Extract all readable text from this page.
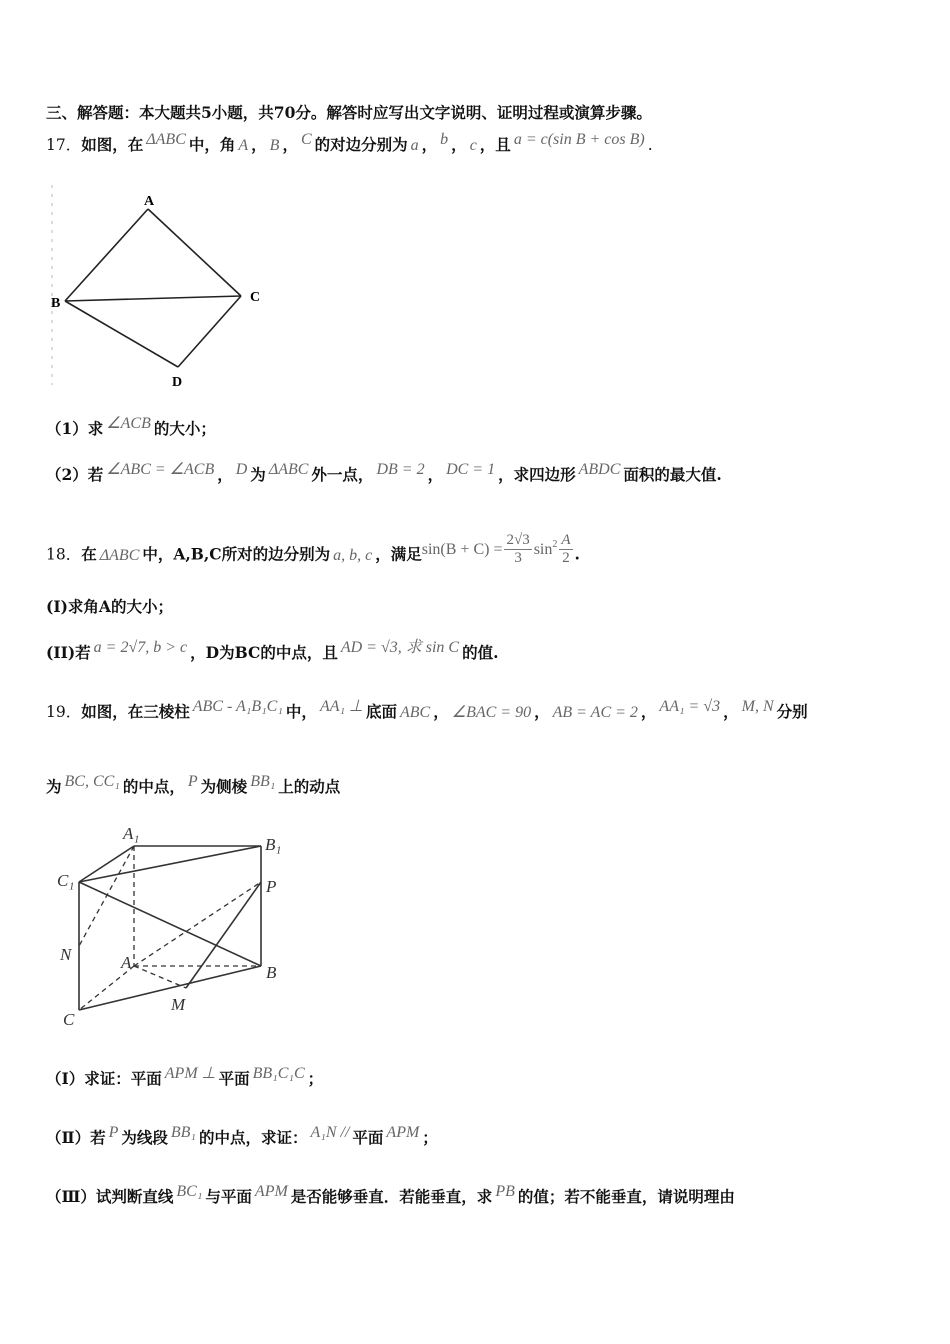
三、解答题：本大题共5小题，共70分。解答时应写出文字说明、证明过程或演算步骤。
17．如图，在 ΔABC 中，角 A ， B ， C 的对边分别为 a ， b ， c ，且 a = c(sin B + cos B) .
A
B	C
D
（1）求 ∠ACB 的大小；
（2）若 ∠ABC = ∠ACB ， D 为 ΔABC 外一点， DB = 2 ， DC = 1 ，求四边形 ABDC 面积的最大值.
18．在 ΔABC 中，A,B,C所对的边分别为 a, b, c ，满足$\sin(B + C) = \frac{2√3}{3} \sin^2 \frac{A}{2}$ .
(I)求角A的大小；
(II)若 a = 2√7, b > c ，D为BC的中点，且 AD = √3, 求 sin C 的值.
19．如图，在三棱柱 ABC - A₁B₁C₁ 中， AA₁ ⊥ 底面 ABC ， ∠BAC = 90 ， AB = AC = 2 ， AA₁ = √3 ， M, N 分别
为 BC, CC₁ 的中点， P 为侧棱 BB₁ 上的动点
A₁
B₁
C₁	P
N	A
B
C
M
（Ⅰ）求证：平面 APM ⊥ 平面 BB₁C₁C ；
（Ⅱ）若 P 为线段 BB₁ 的中点，求证： A₁N // 平面 APM ；
（Ⅲ）试判断直线 BC₁ 与平面 APM 是否能够垂直．若能垂直，求 PB 的值；若不能垂直，请说明理由
